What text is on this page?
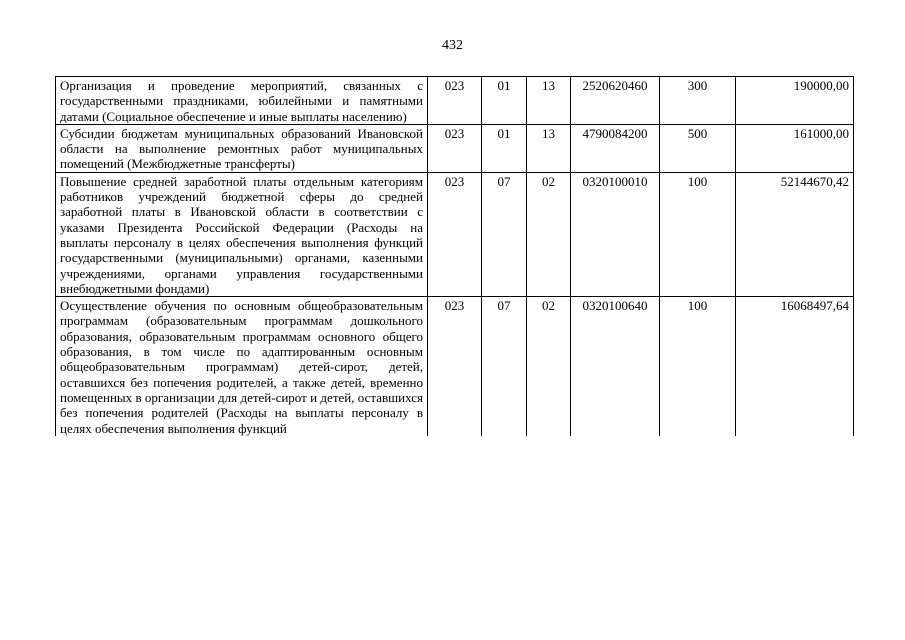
432
Организация и проведение мероприятий, связанных с государственными праздниками, юбилейными и памятными датами (Социальное обеспечение и иные выплаты населению)	023	01	13	2520620460	300	190000,00
Субсидии бюджетам муниципальных образований Ивановской области на выполнение ремонтных работ муниципальных помещений (Межбюджетные трансферты)	023	01	13	4790084200	500	161000,00
Повышение средней заработной платы отдельным категориям работников учреждений бюджетной сферы до средней заработной платы в Ивановской области в соответствии с указами Президента Российской Федерации (Расходы на выплаты персоналу в целях обеспечения выполнения функций государственными (муниципальными) органами, казенными учреждениями, органами управления государственными внебюджетными фондами)	023	07	02	0320100010	100	52144670,42
Осуществление обучения по основным общеобразовательным программам (образовательным программам дошкольного образования, образовательным программам основного общего образования, в том числе по адаптированным основным общеобразовательным программам) детей-сирот, детей, оставшихся без попечения родителей, а также детей, временно помещенных в организации для детей-сирот и детей, оставшихся без попечения родителей (Расходы на выплаты персоналу в целях обеспечения выполнения функций	023	07	02	0320100640	100	16068497,64
